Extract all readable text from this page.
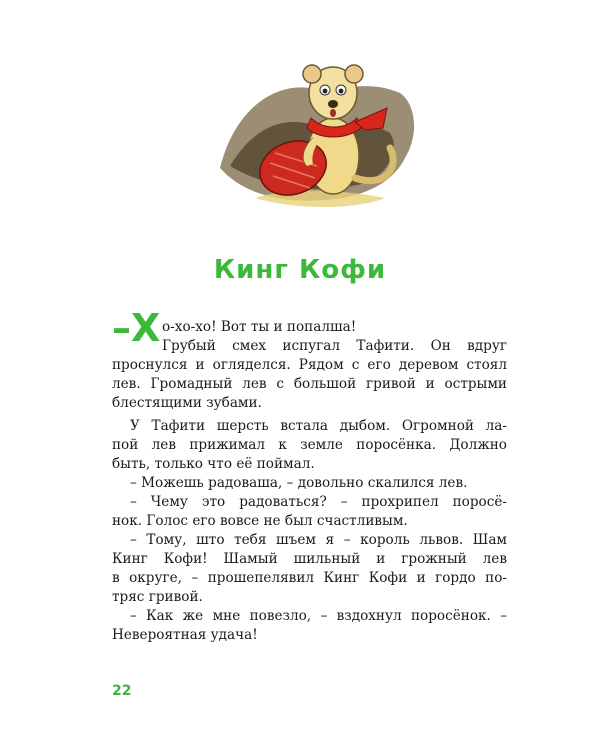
Кинг Кофи
–Х о-хо-хо! Вот ты и попалша!
Грубый смех испугал Тафити. Он вдруг
проснулся и огляделся. Рядом с его деревом стоял
лев. Громадный лев с большой гривой и острыми
блестящими зубами.
У Тафити шерсть встала дыбом. Огромной ла-
пой лев прижимал к земле поросёнка. Должно
быть, только что её поймал.
– Можешь радоваша, – довольно скалился лев.
– Чему это радоваться? – прохрипел поросё-
нок. Голос его вовсе не был счастливым.
– Тому, што тебя шъем я – король львов. Шам
Кинг Кофи! Шамый шильный и грожный лев
в округе, – прошепелявил Кинг Кофи и гордо по-
тряс гривой.
– Как же мне повезло, – вздохнул поросёнок. –
Невероятная удача!
22
